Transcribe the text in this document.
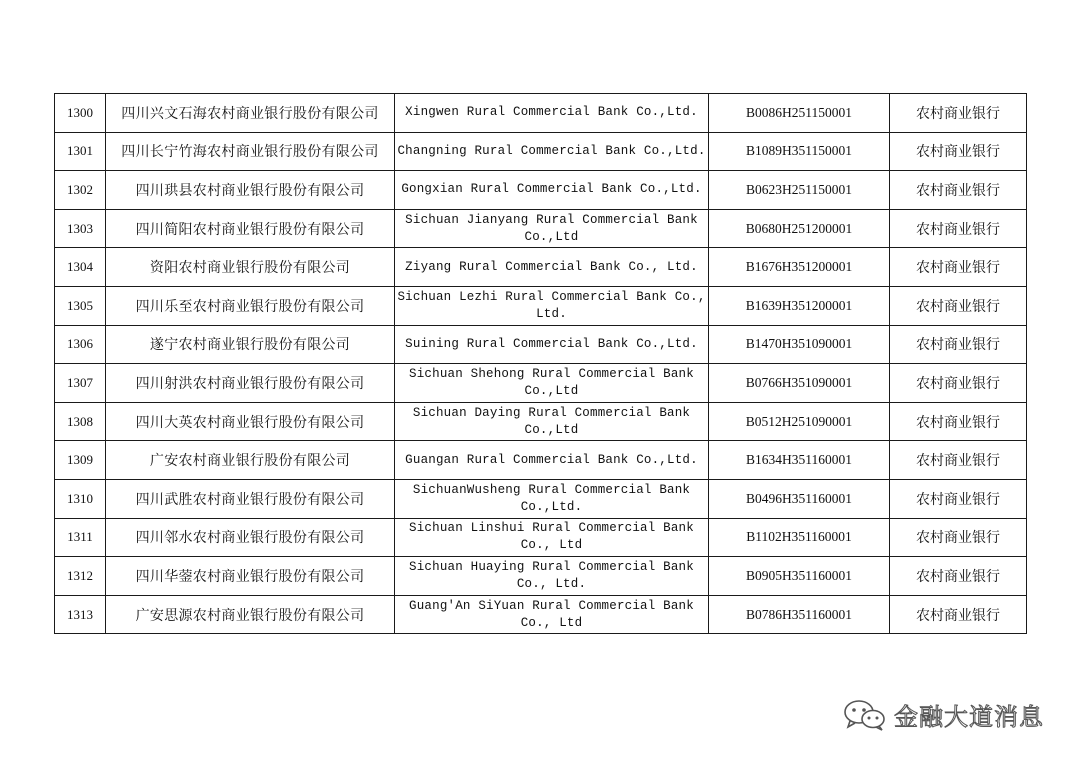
1300	四川兴文石海农村商业银行股份有限公司	Xingwen Rural Commercial Bank Co.,Ltd.	B0086H251150001	农村商业银行
1301	四川长宁竹海农村商业银行股份有限公司	Changning Rural Commercial Bank Co.,Ltd.	B1089H351150001	农村商业银行
1302	四川珙县农村商业银行股份有限公司	Gongxian Rural Commercial Bank Co.,Ltd.	B0623H251150001	农村商业银行
1303	四川简阳农村商业银行股份有限公司	Sichuan Jianyang Rural Commercial Bank Co.,Ltd	B0680H251200001	农村商业银行
1304	资阳农村商业银行股份有限公司	Ziyang Rural Commercial Bank Co., Ltd.	B1676H351200001	农村商业银行
1305	四川乐至农村商业银行股份有限公司	Sichuan Lezhi Rural Commercial Bank Co., Ltd.	B1639H351200001	农村商业银行
1306	遂宁农村商业银行股份有限公司	Suining Rural Commercial Bank Co.,Ltd.	B1470H351090001	农村商业银行
1307	四川射洪农村商业银行股份有限公司	Sichuan Shehong Rural Commercial Bank Co.,Ltd	B0766H351090001	农村商业银行
1308	四川大英农村商业银行股份有限公司	Sichuan Daying Rural Commercial Bank Co.,Ltd	B0512H251090001	农村商业银行
1309	广安农村商业银行股份有限公司	Guangan Rural Commercial Bank Co.,Ltd.	B1634H351160001	农村商业银行
1310	四川武胜农村商业银行股份有限公司	SichuanWusheng Rural Commercial Bank Co.,Ltd.	B0496H351160001	农村商业银行
1311	四川邻水农村商业银行股份有限公司	Sichuan Linshui Rural Commercial Bank Co., Ltd	B1102H351160001	农村商业银行
1312	四川华蓥农村商业银行股份有限公司	Sichuan Huaying Rural Commercial Bank Co., Ltd.	B0905H351160001	农村商业银行
1313	广安思源农村商业银行股份有限公司	Guang'An SiYuan Rural Commercial Bank Co., Ltd	B0786H351160001	农村商业银行
金融大道消息
